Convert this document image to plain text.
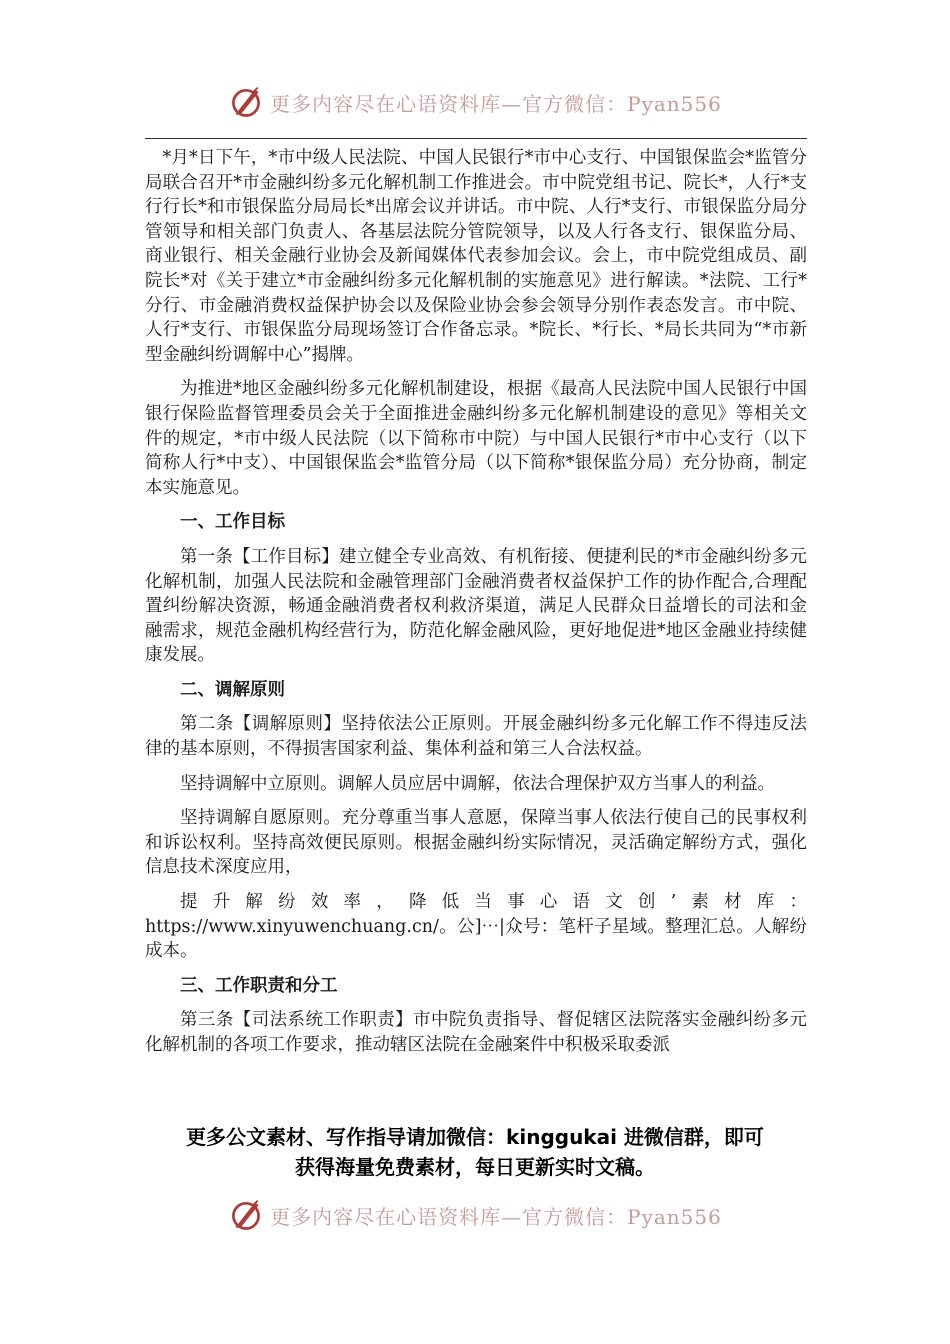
更多内容尽在心语资料库—官方微信：Pyan556

*月*日下午，*市中级人民法院、中国人民银行*市中心支行、中国银保监会*监管分局联合召开*市金融纠纷多元化解机制工作推进会。市中院党组书记、院长*，人行*支行行长*和市银保监分局局长*出席会议并讲话。市中院、人行*支行、市银保监分局分管领导和相关部门负责人、各基层法院分管院领导，以及人行各支行、银保监分局、商业银行、相关金融行业协会及新闻媒体代表参加会议。会上，市中院党组成员、副院长*对《关于建立*市金融纠纷多元化解机制的实施意见》进行解读。*法院、工行*分行、市金融消费权益保护协会以及保险业协会参会领导分别作表态发言。市中院、人行*支行、市银保监分局现场签订合作备忘录。*院长、*行长、*局长共同为“*市新型金融纠纷调解中心”揭牌。

为推进*地区金融纠纷多元化解机制建设，根据《最高人民法院中国人民银行中国银行保险监督管理委员会关于全面推进金融纠纷多元化解机制建设的意见》等相关文件的规定，*市中级人民法院（以下简称市中院）与中国人民银行*市中心支行（以下简称人行*中支）、中国银保监会*监管分局（以下简称*银保监分局）充分协商，制定本实施意见。

一、工作目标

第一条【工作目标】建立健全专业高效、有机衔接、便捷利民的*市金融纠纷多元化解机制，加强人民法院和金融管理部门金融消费者权益保护工作的协作配合,合理配置纠纷解决资源，畅通金融消费者权利救济渠道，满足人民群众日益增长的司法和金融需求，规范金融机构经营行为，防范化解金融风险，更好地促进*地区金融业持续健康发展。

二、调解原则

第二条【调解原则】坚持依法公正原则。开展金融纠纷多元化解工作不得违反法律的基本原则，不得损害国家利益、集体利益和第三人合法权益。

坚持调解中立原则。调解人员应居中调解，依法合理保护双方当事人的利益。

坚持调解自愿原则。充分尊重当事人意愿，保障当事人依法行使自己的民事权利和诉讼权利。坚持高效便民原则。根据金融纠纷实际情况，灵活确定解纷方式，强化信息技术深度应用，

提升解纷效率，降低当事心语文创’素材库：https://www.xinyuwenchuang.cn/。公]⋯|众号：笔杆子星域。整理汇总。人解纷成本。

三、工作职责和分工

第三条【司法系统工作职责】市中院负责指导、督促辖区法院落实金融纠纷多元化解机制的各项工作要求，推动辖区法院在金融案件中积极采取委派

更多公文素材、写作指导请加微信：kinggukai 进微信群，即可
获得海量免费素材，每日更新实时文稿。
更多内容尽在心语资料库—官方微信：Pyan556
